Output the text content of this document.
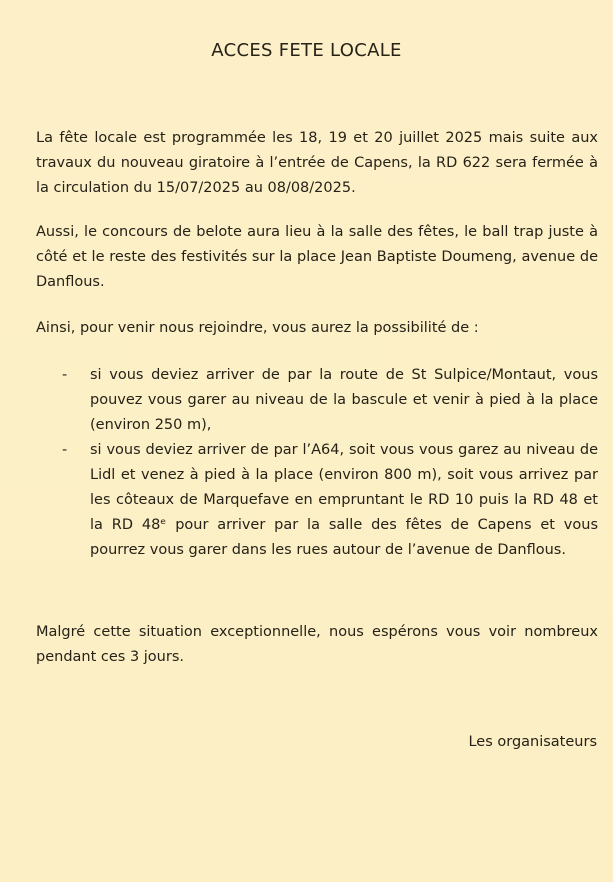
ACCES FETE LOCALE

La fête locale est programmée les 18, 19 et 20 juillet 2025 mais suite aux travaux du nouveau giratoire à l’entrée de Capens, la RD 622 sera fermée à la circulation du 15/07/2025 au 08/08/2025.

Aussi, le concours de belote aura lieu à la salle des fêtes, le ball trap juste à côté et le reste des festivités sur la place Jean Baptiste Doumeng, avenue de Danflous.

Ainsi, pour venir nous rejoindre, vous aurez la possibilité de :

- si vous deviez arriver de par la route de St Sulpice/Montaut, vous pouvez vous garer au niveau de la bascule et venir à pied à la place (environ 250 m),
- si vous deviez arriver de par l’A64, soit vous vous garez au niveau de Lidl et venez à pied à la place (environ 800 m), soit vous arrivez par les côteaux de Marquefave en empruntant le RD 10 puis la RD 48 et la RD 48ᵉ pour arriver par la salle des fêtes de Capens et vous pourrez vous garer dans les rues autour de l’avenue de Danflous.

Malgré cette situation exceptionnelle, nous espérons vous voir nombreux pendant ces 3 jours.

Les organisateurs
